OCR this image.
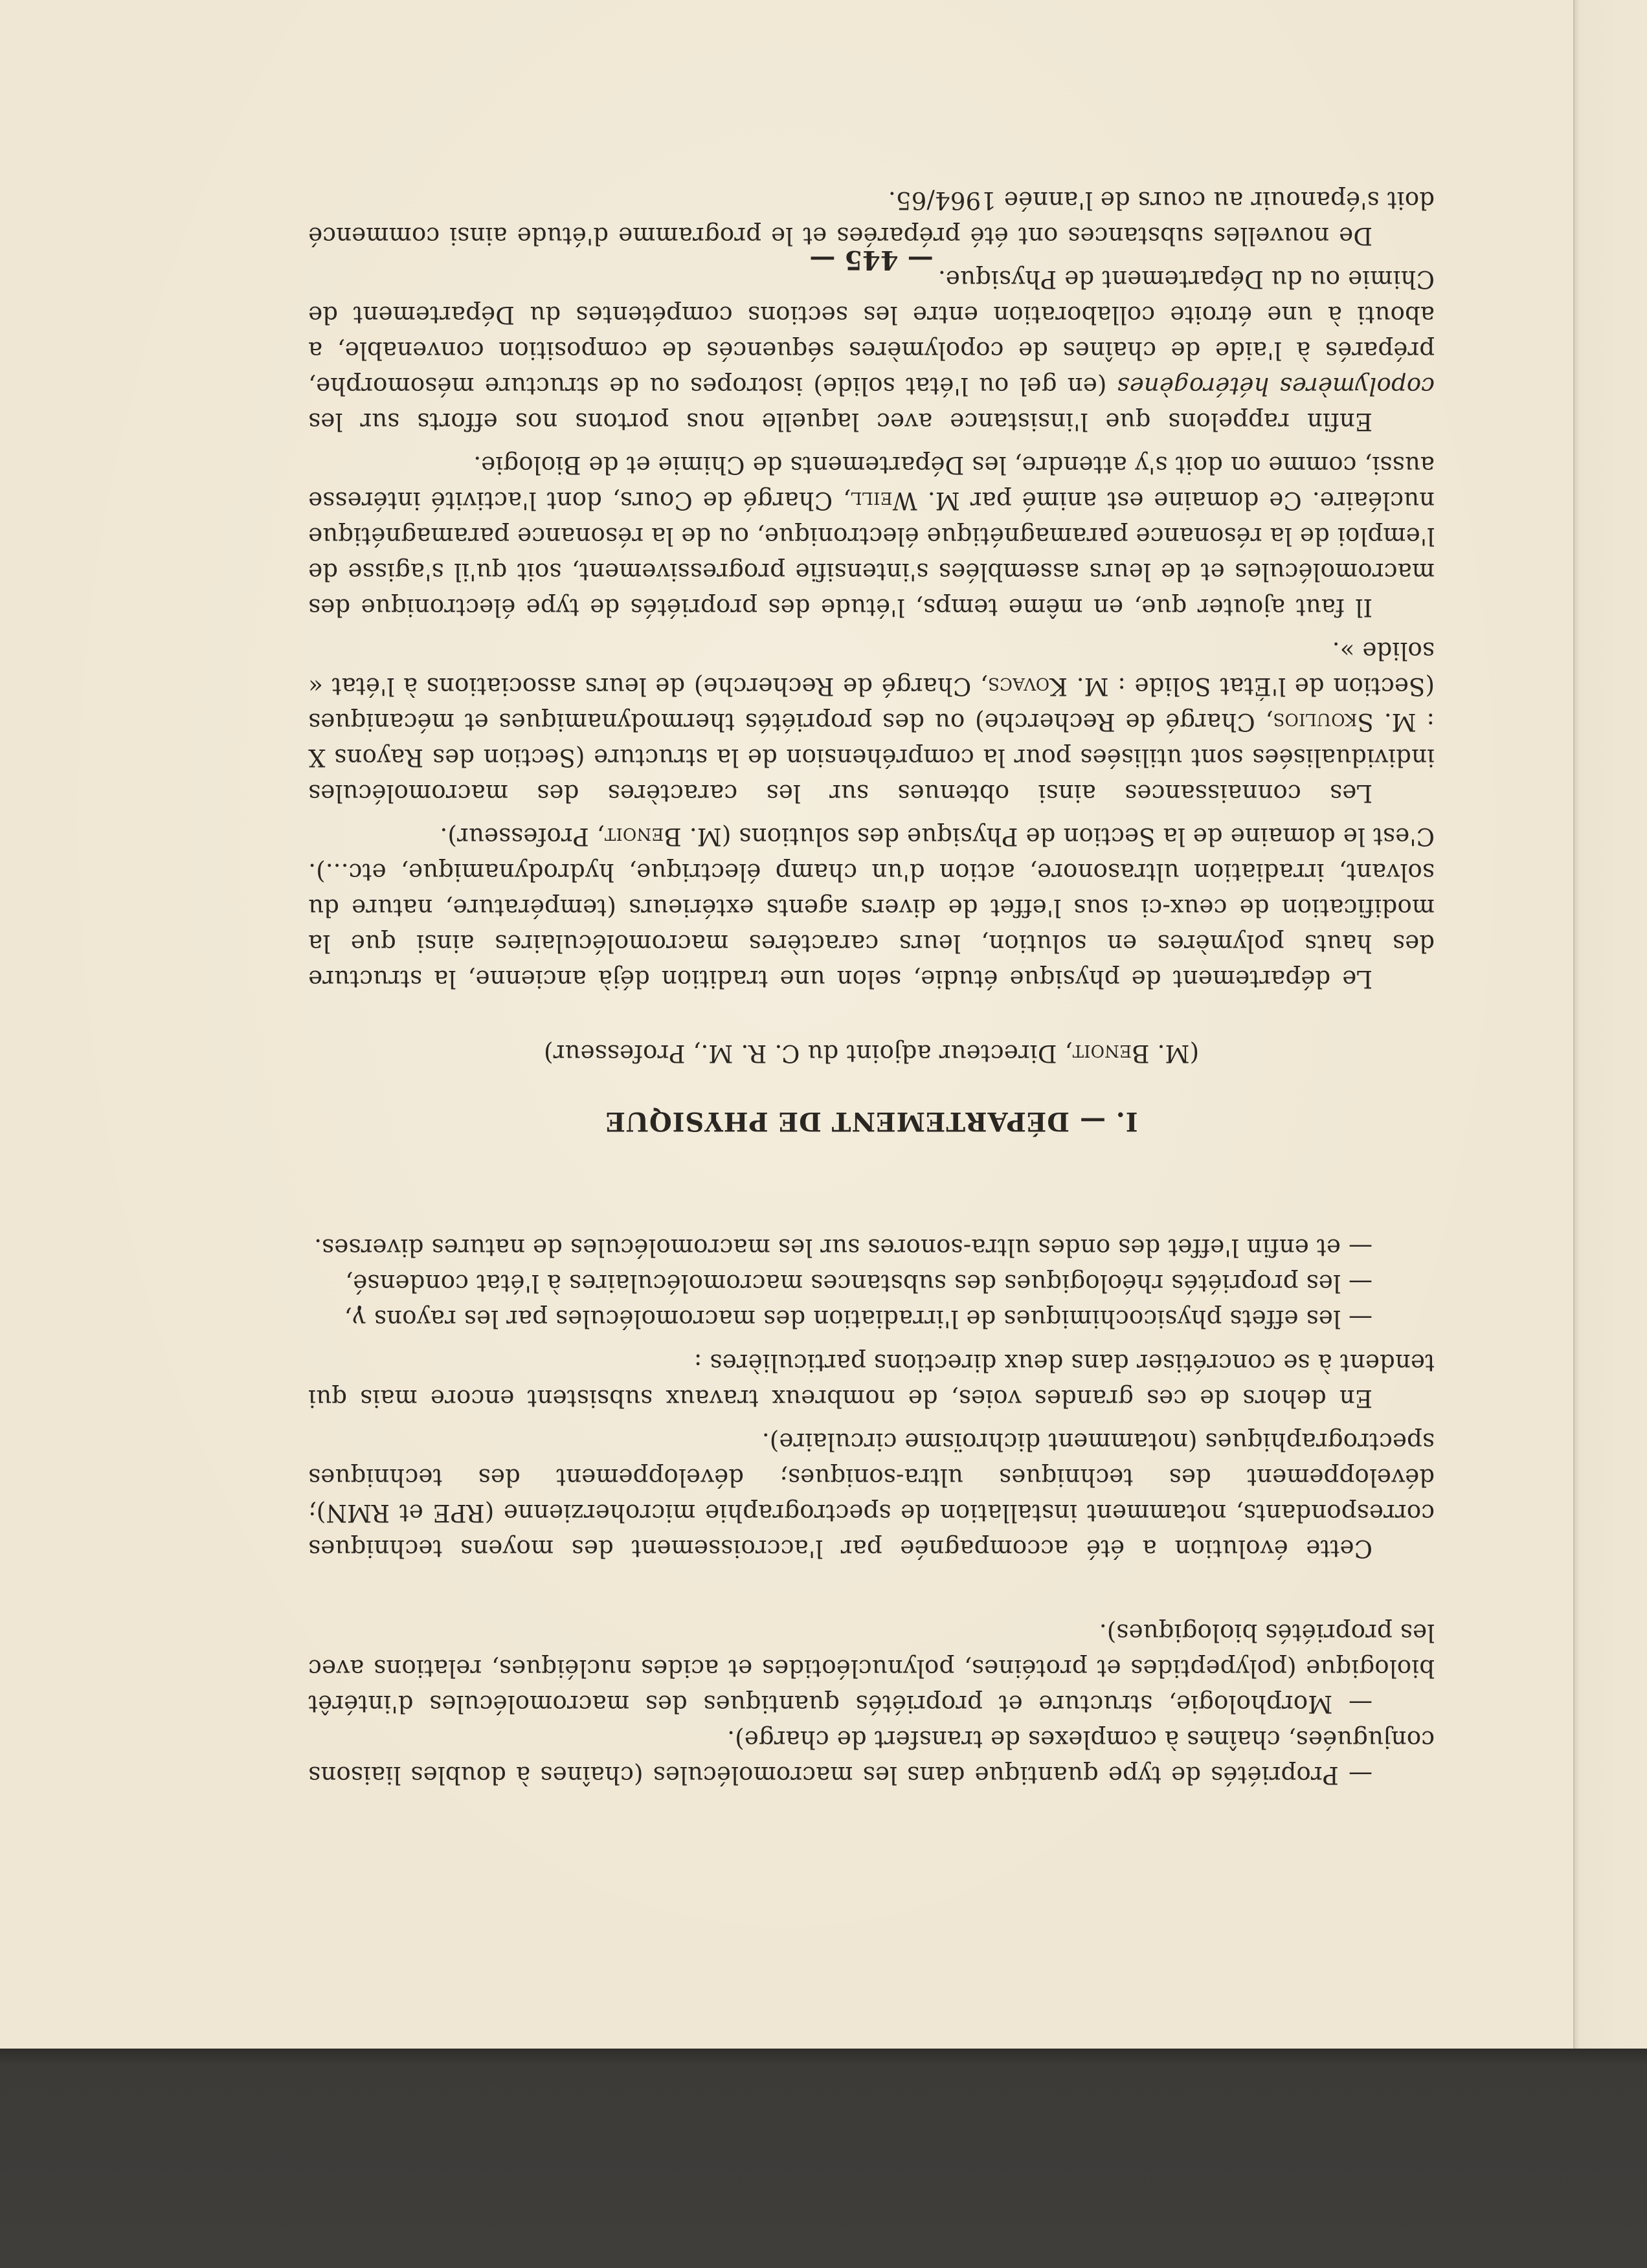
— Propriétés de type quantique dans les macromolécules (chaînes à doubles liaisons conjuguées, chaînes à complexes de transfert de charge).

— Morphologie, structure et propriétés quantiques des macromolécules d'intérêt biologique (polypeptides et protéines, polynucléotides et acides nucléiques, relations avec les propriétés biologiques).

Cette évolution a été accompagnée par l'accroissement des moyens techniques correspondants, notamment installation de spectrographie microherzienne (RPE et RMN); développement des techniques ultra-soniques; développement des techniques spectrographiques (notamment dichroïsme circulaire).

En dehors de ces grandes voies, de nombreux travaux subsistent encore mais qui tendent à se concrétiser dans deux directions particulières :

— les effets physicochimiques de l'irradiation des macromolécules par les rayons γ,

— les propriétés rhéologiques des substances macromoléculaires à l'état condensé,

— et enfin l'effet des ondes ultra-sonores sur les macromolécules de natures diverses.

I. — DÉPARTEMENT DE PHYSIQUE

(M. Benoit, Directeur adjoint du C. R. M., Professeur)

Le département de physique étudie, selon une tradition déjà ancienne, la structure des hauts polymères en solution, leurs caractères macromoléculaires ainsi que la modification de ceux-ci sous l'effet de divers agents extérieurs (température, nature du solvant, irradiation ultrasonore, action d'un champ électrique, hydrodynamique, etc...). C'est le domaine de la Section de Physique des solutions (M. Benoit, Professeur).

Les connaissances ainsi obtenues sur les caractères des macromolécules individualisées sont utilisées pour la compréhension de la structure (Section des Rayons X : M. Skoulios, Chargé de Recherche) ou des propriétés thermodynamiques et mécaniques (Section de l'État Solide : M. Kovacs, Chargé de Recherche) de leurs associations à l'état « solide ».

Il faut ajouter que, en même temps, l'étude des propriétés de type électronique des macromolécules et de leurs assemblées s'intensifie progressivement, soit qu'il s'agisse de l'emploi de la résonance paramagnétique électronique, ou de la résonance paramagnétique nucléaire. Ce domaine est animé par M. Weill, Chargé de Cours, dont l'activité intéresse aussi, comme on doit s'y attendre, les Départements de Chimie et de Biologie.

Enfin rappelons que l'insistance avec laquelle nous portons nos efforts sur les copolymères hétérogènes (en gel ou l'état solide) isotropes ou de structure mésomorphe, préparés à l'aide de chaînes de copolymères séquencés de composition convenable, a abouti à une étroite collaboration entre les sections compétentes du Département de Chimie ou du Département de Physique.

De nouvelles substances ont été préparées et le programme d'étude ainsi commencé doit s'épanouir au cours de l'année 1964/65.

— 445 —
